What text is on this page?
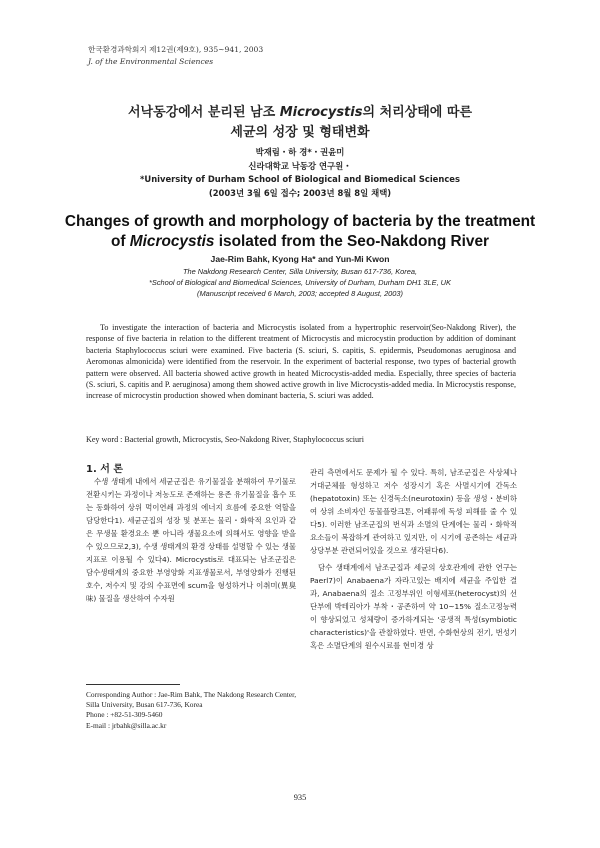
한국환경과학회지 제12권(제9호), 935~941, 2003
J. of the Environmental Sciences
서낙동강에서 분리된 남조 Microcystis의 처리상태에 따른
세균의 성장 및 형태변화
박재림・하 경*・권윤미
신라대학교 낙동강 연구원・
*University of Durham School of Biological and Biomedical Sciences
(2003년 3월 6일 접수; 2003년 8월 8일 채택)
Changes of growth and morphology of bacteria by the treatment
of Microcystis isolated from the Seo-Nakdong River
Jae-Rim Bahk, Kyong Ha* and Yun-Mi Kwon
The Nakdong Research Center, Silla University, Busan 617-736, Korea,
*School of Biological and Biomedical Sciences, University of Durham, Durham DH1 3LE, UK
(Manuscript received 6 March, 2003; accepted 8 August, 2003)

To investigate the interaction of bacteria and Microcystis isolated from a hypertrophic reservoir(Seo-Nakdong River), the response of five bacteria in relation to the different treatment of Microcystis and microcystin production by addition of dominant bacteria Staphylococcus sciuri were examined. Five bacteria (S. sciuri, S. capitis, S. epidermis, Pseudomonas aeruginosa and Aeromonas almonicida) were identified from the reservoir. In the experiment of bacterial response, two types of bacterial growth pattern were observed. All bacteria showed active growth in heated Microcystis-added media. Especially, three species of bacteria (S. sciuri, S. capitis and P. aeruginosa) among them showed active growth in live Microcystis-added media. In Microcystis response, increase of microcystin production showed when dominant bacteria, S. sciuri was added.

Key word : Bacterial growth, Microcystis, Seo-Nakdong River, Staphylococcus sciuri

1. 서 론

수생 생태계 내에서 세균군집은 유기물질을 분해하여 무기물로 전환시키는 과정이나 저농도로 존재하는 용존 유기물질을 흡수 또는 동화하여 상위 먹이연쇄 과정의 에너지 흐름에 중요한 역할을 담당한다1). 세균군집의 성장 및 분포는 물리・화학적 요인과 같은 무생물 환경요소 뿐 아니라 생물요소에 의해서도 영향을 받을 수 있으므로2,3), 수생 생태계의 환경 상태를 설명할 수 있는 생물지표로 이용될 수 있다4). Microcystis로 대표되는 남조군집은 담수생태계의 중요한 부영양화 지표생물로서, 부영양화가 진행된 호수, 저수지 및 강의 수표면에 scum을 형성하거나 이취미(異臭味) 물질을 생산하여 수자원

관리 측면에서도 문제가 될 수 있다. 특히, 남조군집은 사상체나 거대군체를 형성하고 저수 성장시기 혹은 사멸시기에 간독소(hepatotoxin) 또는 신경독소(neurotoxin) 등을 생성・분비하여 상위 소비자인 동물플랑크톤, 어패류에 독성 피해를 줄 수 있다5). 이러한 남조군집의 번식과 소멸의 단계에는 물리・화학적 요소들이 복잡하게 관여하고 있지만, 이 시기에 공존하는 세균과 상당부분 관련되어있을 것으로 생각된다6).

담수 생태계에서 남조군집과 세균의 상호관계에 관한 연구는 Paerl7)이 Anabaena가 자라고있는 배지에 세균을 주입한 결과, Anabaena의 질소 고정부위인 이형세포(heterocyst)의 선단부에 박테리아가 부착・공존하여 약 10~15% 질소고정능력이 향상되었고 성체량이 증가하게되는 '공생적 특성(symbiotic characteristics)'을 관찰하였다. 반면, 수화현상의 전기, 번성기 혹은 소멸단계의 원수시료를 현미경 상

Corresponding Author : Jae-Rim Bahk, The Nakdong Research Center, Silla University, Busan 617-736, Korea
Phone : +82-51-309-5460
E-mail : jrbahk@silla.ac.kr
935
